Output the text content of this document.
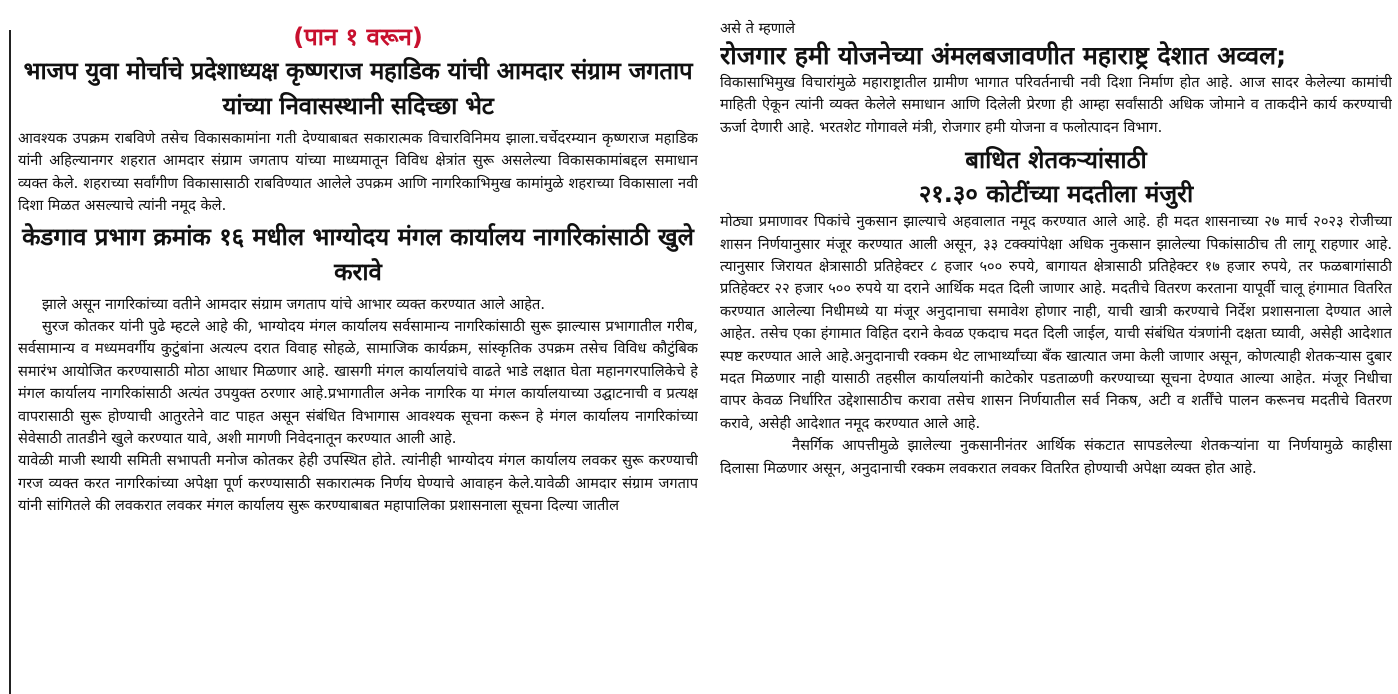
(पान १ वरून)
भाजप युवा मोर्चाचे प्रदेशाध्यक्ष कृष्णराज महाडिक यांची आमदार संग्राम जगताप यांच्या निवासस्थानी सदिच्छा भेट

आवश्यक उपक्रम राबविणे तसेच विकासकामांना गती देण्याबाबत सकारात्मक विचारविनिमय झाला.चर्चेदरम्यान कृष्णराज महाडिक यांनी अहिल्यानगर शहरात आमदार संग्राम जगताप यांच्या माध्यमातून विविध क्षेत्रांत सुरू असलेल्या विकासकामांबद्दल समाधान व्यक्त केले. शहराच्या सर्वांगीण विकासासाठी राबविण्यात आलेले उपक्रम आणि नागरिकाभिमुख कामांमुळे शहराच्या विकासाला नवी दिशा मिळत असल्याचे त्यांनी नमूद केले.

केडगाव प्रभाग क्रमांक १६ मधील भाग्योदय मंगल कार्यालय नागरिकांसाठी खुले करावे

झाले असून नागरिकांच्या वतीने आमदार संग्राम जगताप यांचे आभार व्यक्त करण्यात आले आहेत.

सुरज कोतकर यांनी पुढे म्हटले आहे की, भाग्योदय मंगल कार्यालय सर्वसामान्य नागरिकांसाठी सुरू झाल्यास प्रभागातील गरीब, सर्वसामान्य व मध्यमवर्गीय कुटुंबांना अत्यल्प दरात विवाह सोहळे, सामाजिक कार्यक्रम, सांस्कृतिक उपक्रम तसेच विविध कौटुंबिक समारंभ आयोजित करण्यासाठी मोठा आधार मिळणार आहे. खासगी मंगल कार्यालयांचे वाढते भाडे लक्षात घेता महानगरपालिकेचे हे मंगल कार्यालय नागरिकांसाठी अत्यंत उपयुक्त ठरणार आहे.प्रभागातील अनेक नागरिक या मंगल कार्यालयाच्या उद्घाटनाची व प्रत्यक्ष वापरासाठी सुरू होण्याची आतुरतेने वाट पाहत असून संबंधित विभागास आवश्यक सूचना करून हे मंगल कार्यालय नागरिकांच्या सेवेसाठी तातडीने खुले करण्यात यावे, अशी मागणी निवेदनातून करण्यात आली आहे.

यावेळी माजी स्थायी समिती सभापती मनोज कोतकर हेही उपस्थित होते. त्यांनीही भाग्योदय मंगल कार्यालय लवकर सुरू करण्याची गरज व्यक्त करत नागरिकांच्या अपेक्षा पूर्ण करण्यासाठी सकारात्मक निर्णय घेण्याचे आवाहन केले.यावेळी आमदार संग्राम जगताप यांनी सांगितले की लवकरात लवकर मंगल कार्यालय सुरू करण्याबाबत महापालिका प्रशासनाला सूचना दिल्या जातील

असे ते म्हणाले

रोजगार हमी योजनेच्या अंमलबजावणीत महाराष्ट्र देशात अव्वल;

विकासाभिमुख विचारांमुळे महाराष्ट्रातील ग्रामीण भागात परिवर्तनाची नवी दिशा निर्माण होत आहे. आज सादर केलेल्या कामांची माहिती ऐकून त्यांनी व्यक्त केलेले समाधान आणि दिलेली प्रेरणा ही आम्हा सर्वांसाठी अधिक जोमाने व ताकदीने कार्य करण्याची ऊर्जा देणारी आहे. भरतशेट गोगावले मंत्री, रोजगार हमी योजना व फलोत्पादन विभाग.

बाधित शेतकऱ्यांसाठी
२१.३० कोटींच्या मदतीला मंजुरी

मोठ्या प्रमाणावर पिकांचे नुकसान झाल्याचे अहवालात नमूद करण्यात आले आहे. ही मदत शासनाच्या २७ मार्च २०२३ रोजीच्या शासन निर्णयानुसार मंजूर करण्यात आली असून, ३३ टक्क्यांपेक्षा अधिक नुकसान झालेल्या पिकांसाठीच ती लागू राहणार आहे. त्यानुसार जिरायत क्षेत्रासाठी प्रतिहेक्टर ८ हजार ५०० रुपये, बागायत क्षेत्रासाठी प्रतिहेक्टर १७ हजार रुपये, तर फळबागांसाठी प्रतिहेक्टर २२ हजार ५०० रुपये या दराने आर्थिक मदत दिली जाणार आहे. मदतीचे वितरण करताना यापूर्वी चालू हंगामात वितरित करण्यात आलेल्या निधीमध्ये या मंजूर अनुदानाचा समावेश होणार नाही, याची खात्री करण्याचे निर्देश प्रशासनाला देण्यात आले आहेत. तसेच एका हंगामात विहित दराने केवळ एकदाच मदत दिली जाईल, याची संबंधित यंत्रणांनी दक्षता घ्यावी, असेही आदेशात स्पष्ट करण्यात आले आहे.अनुदानाची रक्कम थेट लाभार्थ्यांच्या बँक खात्यात जमा केली जाणार असून, कोणत्याही शेतकऱ्यास दुबार मदत मिळणार नाही यासाठी तहसील कार्यालयांनी काटेकोर पडताळणी करण्याच्या सूचना देण्यात आल्या आहेत. मंजूर निधीचा वापर केवळ निर्धारित उद्देशासाठीच करावा तसेच शासन निर्णयातील सर्व निकष, अटी व शर्तींचे पालन करूनच मदतीचे वितरण करावे, असेही आदेशात नमूद करण्यात आले आहे.

नैसर्गिक आपत्तीमुळे झालेल्या नुकसानीनंतर आर्थिक संकटात सापडलेल्या शेतकऱ्यांना या निर्णयामुळे काहीसा दिलासा मिळणार असून, अनुदानाची रक्कम लवकरात लवकर वितरित होण्याची अपेक्षा व्यक्त होत आहे.
